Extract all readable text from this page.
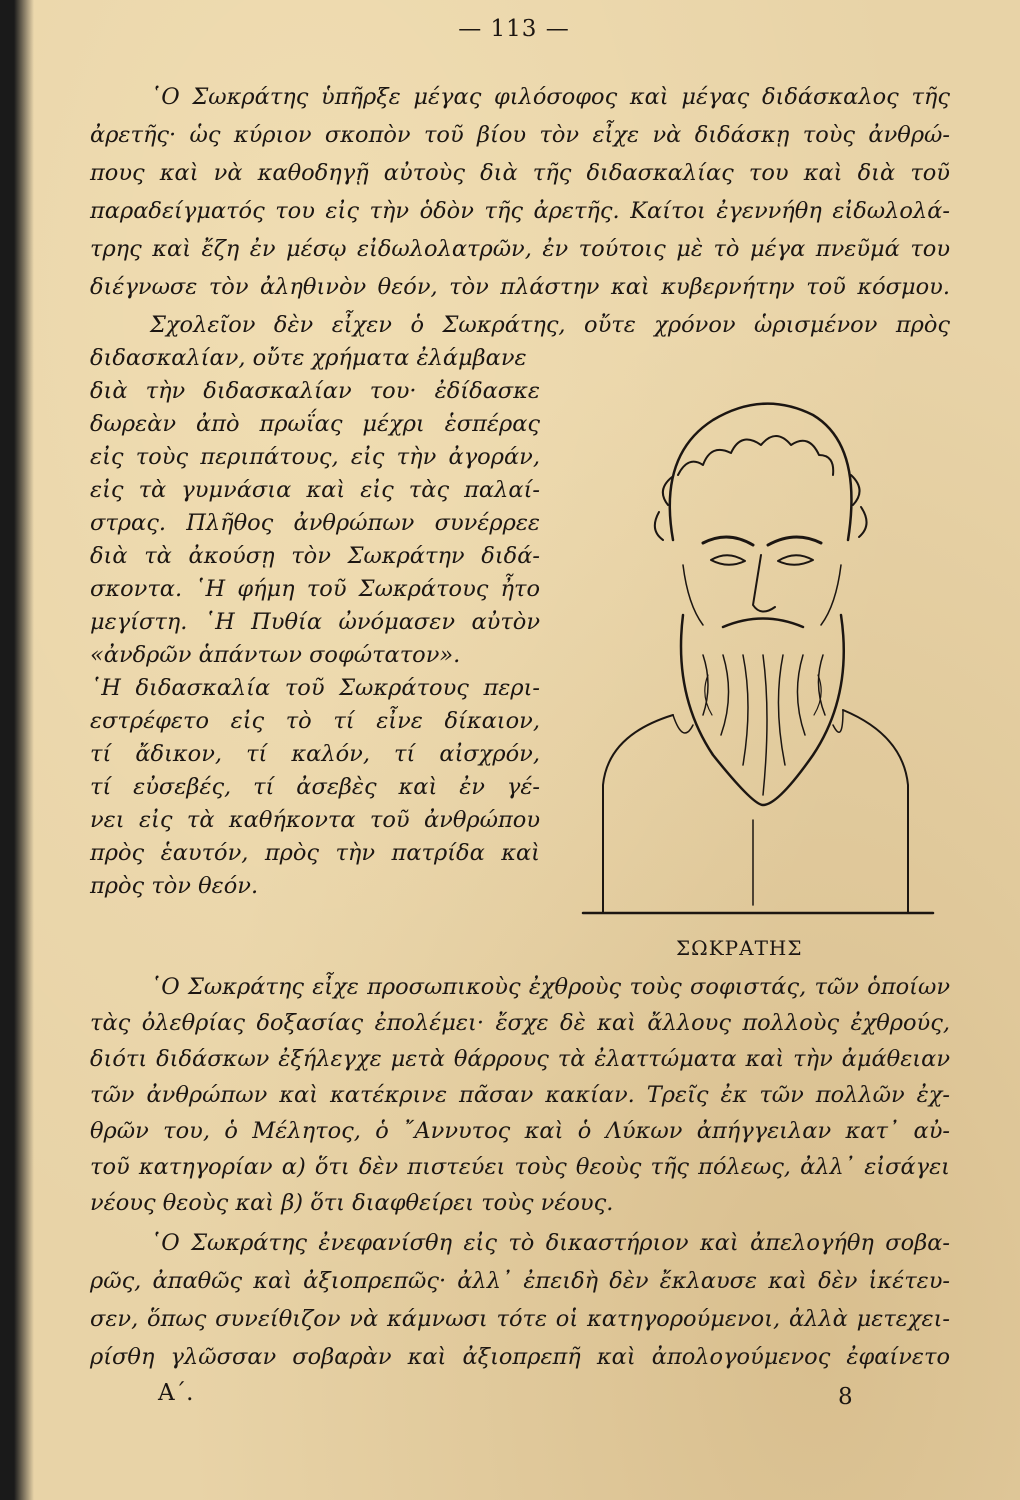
— 113 —
῾Ο Σωκράτης ὑπῆρξε μέγας φιλόσοφος καὶ μέγας διδάσκαλος τῆς
ἀρετῆς· ὡς κύριον σκοπὸν τοῦ βίου τὸν εἶχε νὰ διδάσκῃ τοὺς ἀνθρώ-
πους καὶ νὰ καθοδηγῇ αὐτοὺς διὰ τῆς διδασκαλίας του καὶ διὰ τοῦ
παραδείγματός του εἰς τὴν ὁδὸν τῆς ἀρετῆς. Καίτοι ἐγεννήθη εἰδωλολά-
τρης καὶ ἔζη ἐν μέσῳ εἰδωλολατρῶν, ἐν τούτοις μὲ τὸ μέγα πνεῦμά του
διέγνωσε τὸν ἀληθινὸν θεόν, τὸν πλάστην καὶ κυβερνήτην τοῦ κόσμου.
Σχολεῖον δὲν εἶχεν ὁ Σωκράτης, οὔτε χρόνον ὡρισμένον πρὸς
διδασκαλίαν, οὔτε χρήματα ἐλάμβανε
διὰ τὴν διδασκαλίαν του· ἐδίδασκε
δωρεὰν ἀπὸ πρωΐας μέχρι ἑσπέρας
εἰς τοὺς περιπάτους, εἰς τὴν ἀγοράν,
εἰς τὰ γυμνάσια καὶ εἰς τὰς παλαί-
στρας. Πλῆθος ἀνθρώπων συνέρρεε
διὰ τὰ ἀκούσῃ τὸν Σωκράτην διδά-
σκοντα. ῾Η φήμη τοῦ Σωκράτους ἦτο
μεγίστη. ῾Η Πυθία ὠνόμασεν αὐτὸν
«ἀνδρῶν ἁπάντων σοφώτατον».
῾Η διδασκαλία τοῦ Σωκράτους περι-
εστρέφετο εἰς τὸ τί εἶνε δίκαιον,
τί ἄδικον, τί καλόν, τί αἰσχρόν,
τί εὐσεβές, τί ἀσεβὲς καὶ ἐν γέ-
νει εἰς τὰ καθήκοντα τοῦ ἀνθρώπου
πρὸς ἑαυτόν, πρὸς τὴν πατρίδα καὶ
πρὸς τὸν θεόν.
ΣΩΚΡΑΤΗΣ
῾Ο Σωκράτης εἶχε προσωπικοὺς ἐχθροὺς τοὺς σοφιστάς, τῶν ὁποίων
τὰς ὀλεθρίας δοξασίας ἐπολέμει· ἔσχε δὲ καὶ ἄλλους πολλοὺς ἐχθρούς,
διότι διδάσκων ἐξήλεγχε μετὰ θάρρους τὰ ἐλαττώματα καὶ τὴν ἀμάθειαν
τῶν ἀνθρώπων καὶ κατέκρινε πᾶσαν κακίαν. Τρεῖς ἐκ τῶν πολλῶν ἐχ-
θρῶν του, ὁ Μέλητος, ὁ ῎Αννυτος καὶ ὁ Λύκων ἀπήγγειλαν κατ᾽ αὐ-
τοῦ κατηγορίαν α) ὅτι δὲν πιστεύει τοὺς θεοὺς τῆς πόλεως, ἀλλ᾽ εἰσάγει
νέους θεοὺς καὶ β) ὅτι διαφθείρει τοὺς νέους.
῾Ο Σωκράτης ἐνεφανίσθη εἰς τὸ δικαστήριον καὶ ἀπελογήθη σοβα-
ρῶς, ἀπαθῶς καὶ ἀξιοπρεπῶς· ἀλλ᾽ ἐπειδὴ δὲν ἔκλαυσε καὶ δὲν ἱκέτευ-
σεν, ὅπως συνείθιζον νὰ κάμνωσι τότε οἱ κατηγορούμενοι, ἀλλὰ μετεχει-
ρίσθη γλῶσσαν σοβαρὰν καὶ ἀξιοπρεπῆ καὶ ἀπολογούμενος ἐφαίνετο
Α΄.	8
